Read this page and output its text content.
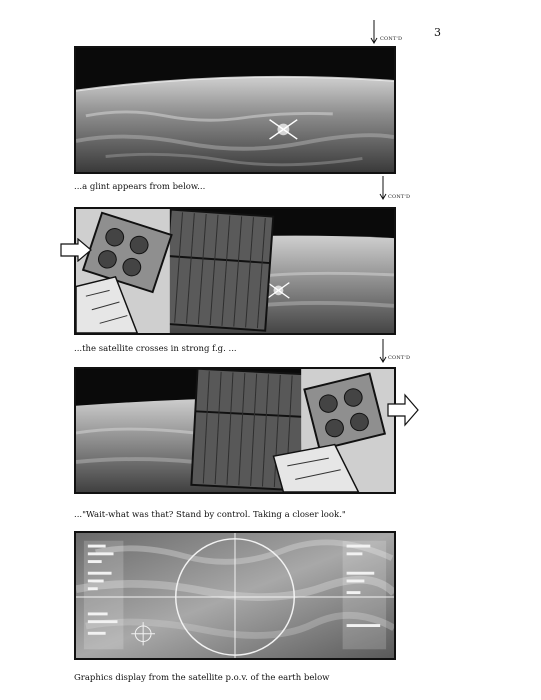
3
CONT'D
...a glint appears from below...
CONT'D
...the satellite crosses in strong f.g. ...
CONT'D
..."Wait-what was that? Stand by control. Taking a closer look."
Graphics display from the satellite p.o.v. of the earth below
